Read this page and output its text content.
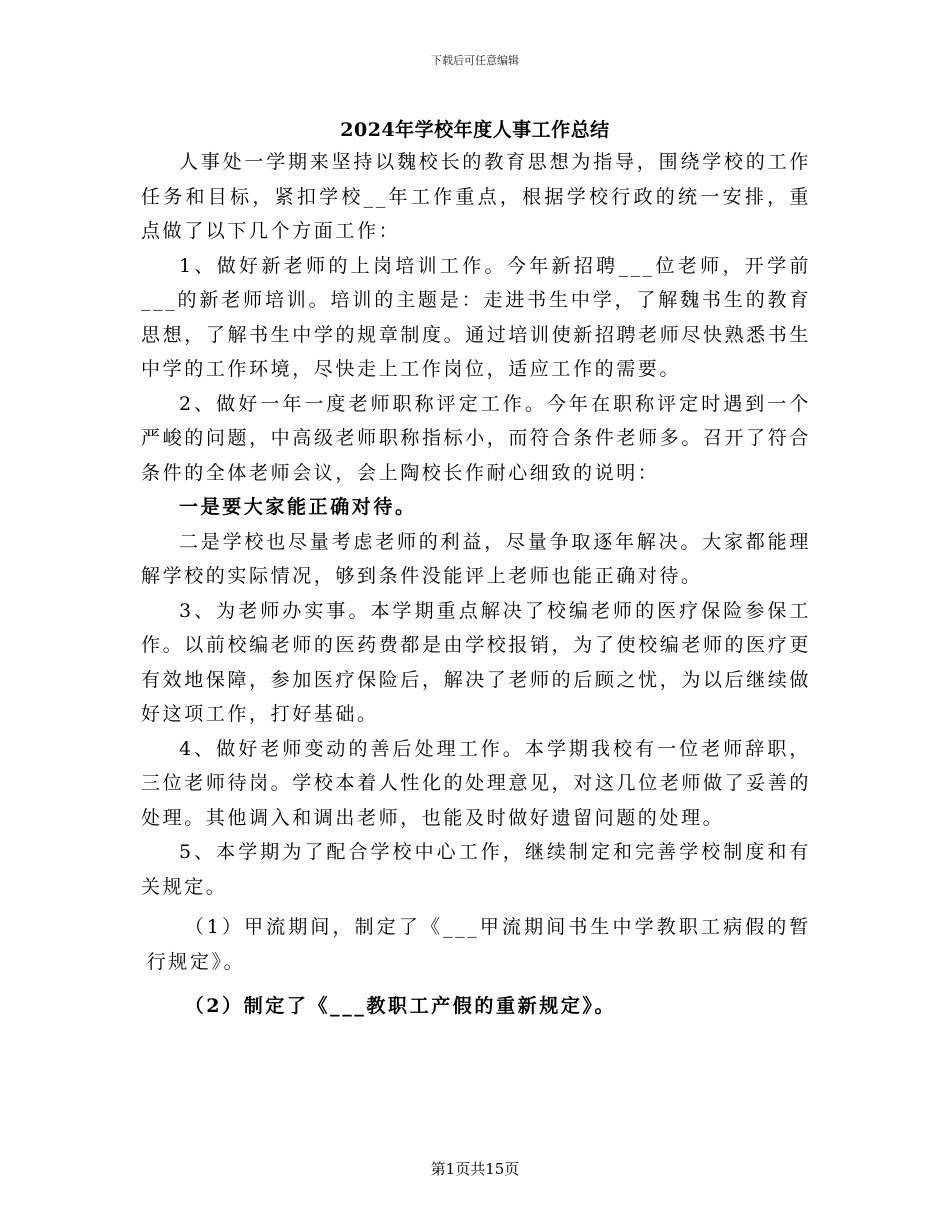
下载后可任意编辑
2024年学校年度人事工作总结

人事处一学期来坚持以魏校长的教育思想为指导，围绕学校的工作任务和目标，紧扣学校__年工作重点，根据学校行政的统一安排，重点做了以下几个方面工作：

1、做好新老师的上岗培训工作。今年新招聘___位老师，开学前___的新老师培训。培训的主题是：走进书生中学，了解魏书生的教育思想，了解书生中学的规章制度。通过培训使新招聘老师尽快熟悉书生中学的工作环境，尽快走上工作岗位，适应工作的需要。

2、做好一年一度老师职称评定工作。今年在职称评定时遇到一个严峻的问题，中高级老师职称指标小，而符合条件老师多。召开了符合条件的全体老师会议，会上陶校长作耐心细致的说明：

一是要大家能正确对待。

二是学校也尽量考虑老师的利益，尽量争取逐年解决。大家都能理解学校的实际情况，够到条件没能评上老师也能正确对待。

3、为老师办实事。本学期重点解决了校编老师的医疗保险参保工作。以前校编老师的医药费都是由学校报销，为了使校编老师的医疗更有效地保障，参加医疗保险后，解决了老师的后顾之忧，为以后继续做好这项工作，打好基础。

4、做好老师变动的善后处理工作。本学期我校有一位老师辞职，三位老师待岗。学校本着人性化的处理意见，对这几位老师做了妥善的处理。其他调入和调出老师，也能及时做好遗留问题的处理。

5、本学期为了配合学校中心工作，继续制定和完善学校制度和有关规定。

（1）甲流期间，制定了《___甲流期间书生中学教职工病假的暂行规定》。

（2）制定了《___教职工产假的重新规定》。

第1页共15页
